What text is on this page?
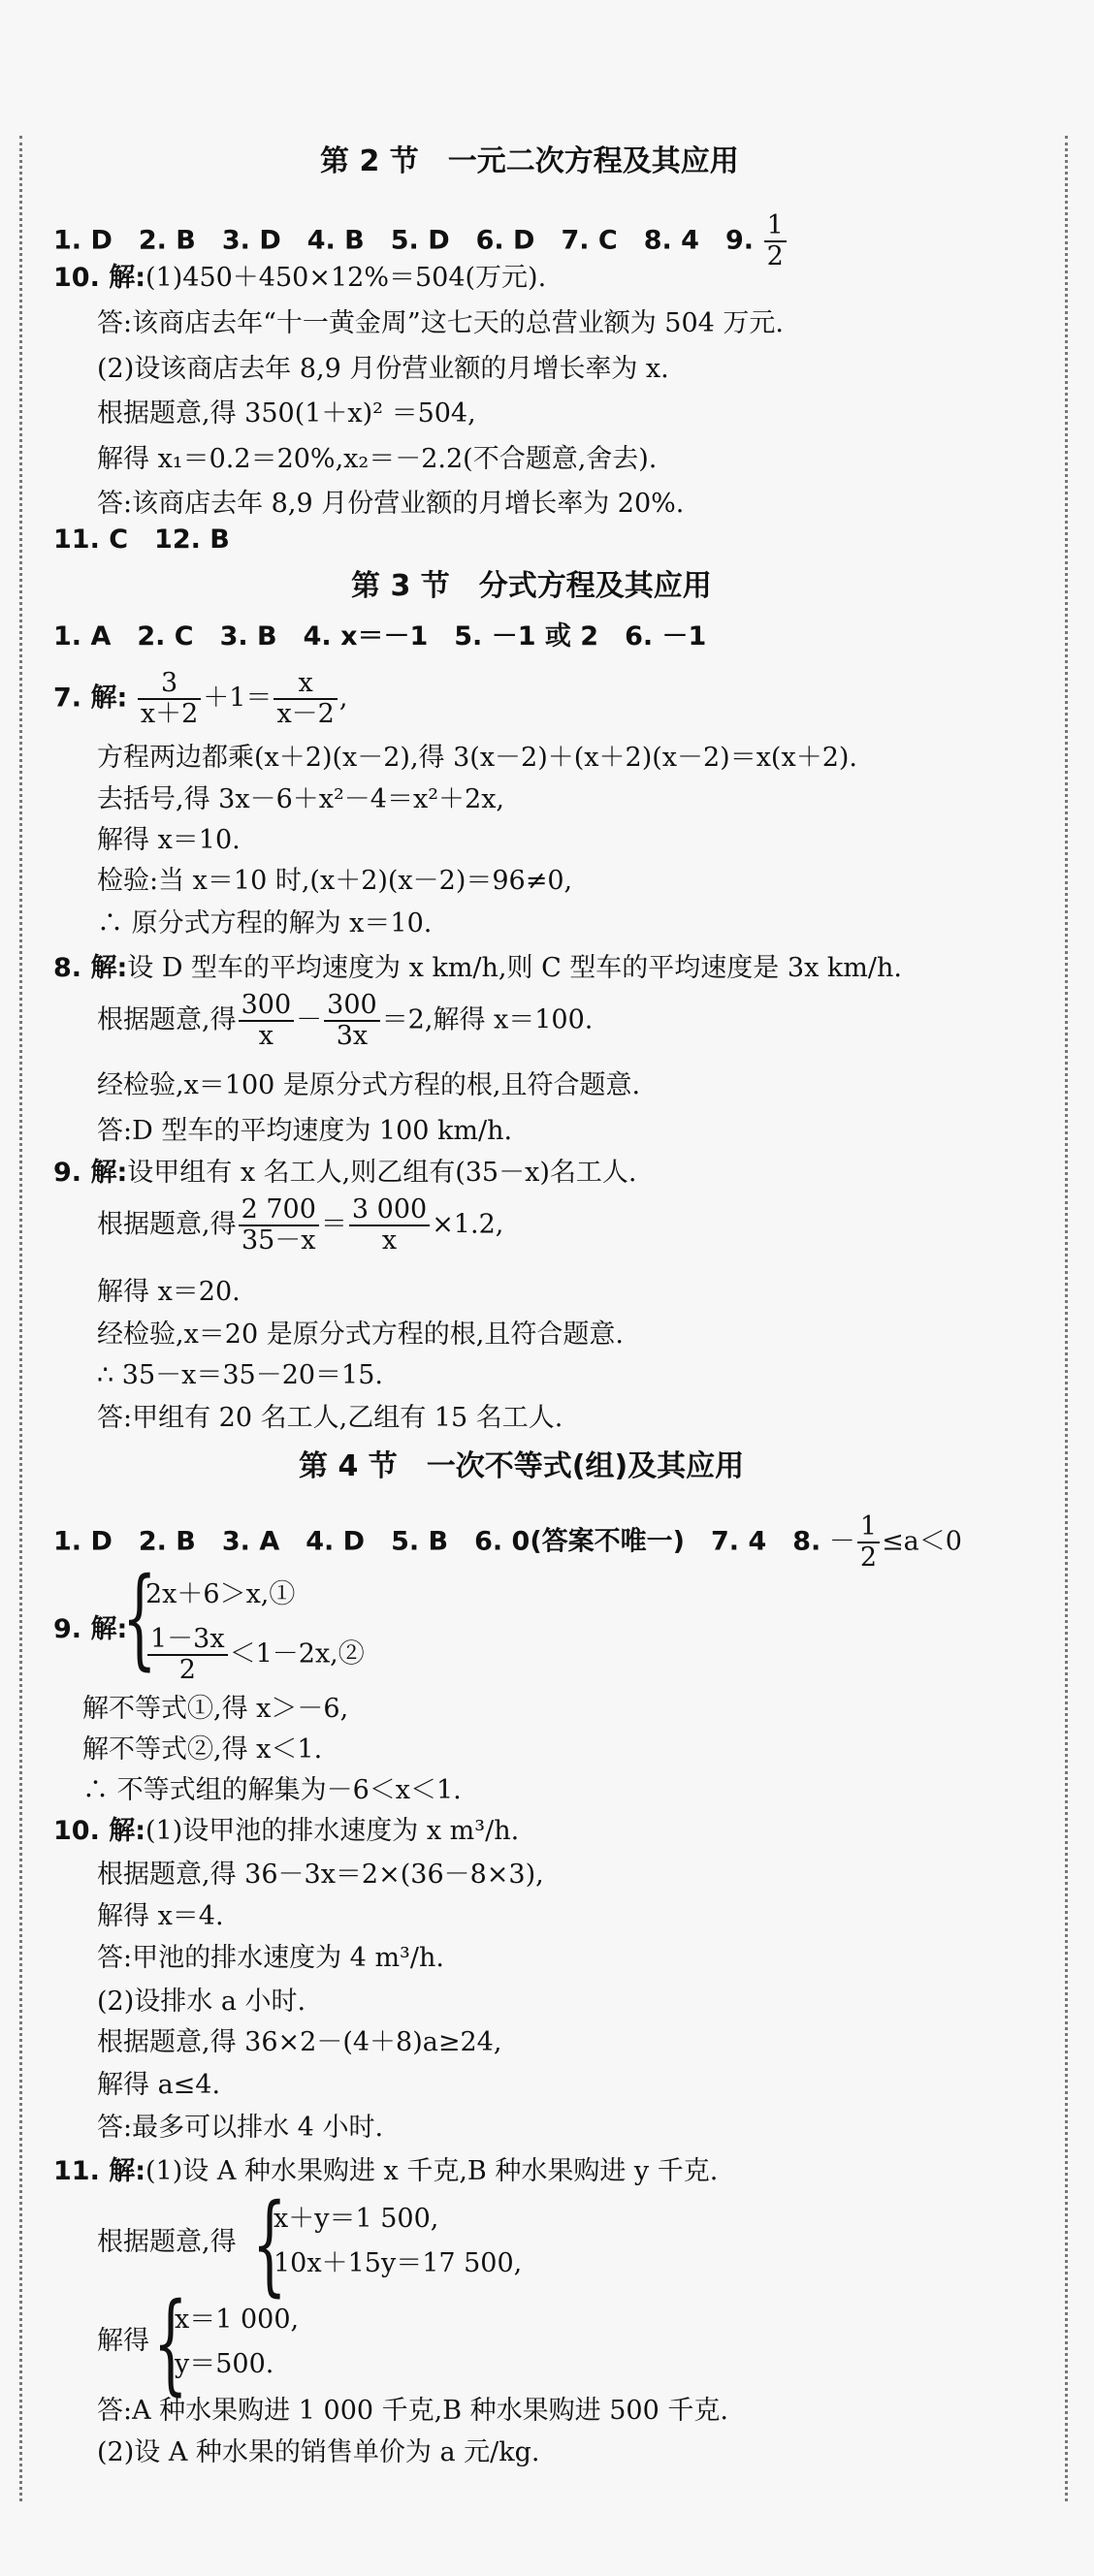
第 2 节　一元二次方程及其应用
1. D　2. B　3. D　4. B　5. D　6. D　7. C　8. 4　9. $\frac{1}{2}$
10. 解:(1)450＋450×12%＝504(万元).
答:该商店去年“十一黄金周”这七天的总营业额为 504 万元.
(2)设该商店去年 8,9 月份营业额的月增长率为 x.
根据题意,得 350(1＋x)² ＝504,
解得 x₁＝0.2＝20%,x₂＝－2.2(不合题意,舍去).
答:该商店去年 8,9 月份营业额的月增长率为 20%.
11. C　12. B
第 3 节　分式方程及其应用
1. A　2. C　3. B　4. x＝－1　5. －1 或 2　6. －1
7. 解: $\frac{3}{x+2} +1= \frac{x}{x-2}$ ,
方程两边都乘(x＋2)(x－2),得 3(x－2)＋(x＋2)(x－2)＝x(x＋2).
去括号,得 3x－6＋x²－4＝x²＋2x,
解得 x＝10.
检验:当 x＝10 时,(x＋2)(x－2)＝96≠0,
∴ 原分式方程的解为 x＝10.
8. 解:设 D 型车的平均速度为 x km/h,则 C 型车的平均速度是 3x km/h.
根据题意,得 $\frac{300}{x} - \frac{300}{3x} =2$,解得 x＝100.
经检验,x＝100 是原分式方程的根,且符合题意.
答:D 型车的平均速度为 100 km/h.
9. 解:设甲组有 x 名工人,则乙组有(35－x)名工人.
根据题意,得 $\frac{2 700}{35-x} = \frac{3 000}{x} \times 1.2$,
解得 x＝20.
经检验,x＝20 是原分式方程的根,且符合题意.
∴ 35－x＝35－20＝15.
答:甲组有 20 名工人,乙组有 15 名工人.
第 4 节　一次不等式(组)及其应用
1. D　2. B　3. A　4. D　5. B　6. 0(答案不唯一)　7. 4　8. － $\frac{1}{2} \le a<0$
9. 解:
{
2x＋6＞x,①
$\frac{1-3x}{2}$ ＜1－2x,②
解不等式①,得 x＞－6,
解不等式②,得 x＜1.
∴ 不等式组的解集为－6＜x＜1.
10. 解:(1)设甲池的排水速度为 x m³/h.
根据题意,得 36－3x＝2×(36－8×3),
解得 x＝4.
答:甲池的排水速度为 4 m³/h.
(2)设排水 a 小时.
根据题意,得 36×2－(4＋8)a≥24,
解得 a≤4.
答:最多可以排水 4 小时.
11. 解:(1)设 A 种水果购进 x 千克,B 种水果购进 y 千克.
根据题意,得 {
x＋y＝1 500,
10x＋15y＝17 500,
解得 {
x＝1 000,
y＝500.
答:A 种水果购进 1 000 千克,B 种水果购进 500 千克.
(2)设 A 种水果的销售单价为 a 元/kg.
